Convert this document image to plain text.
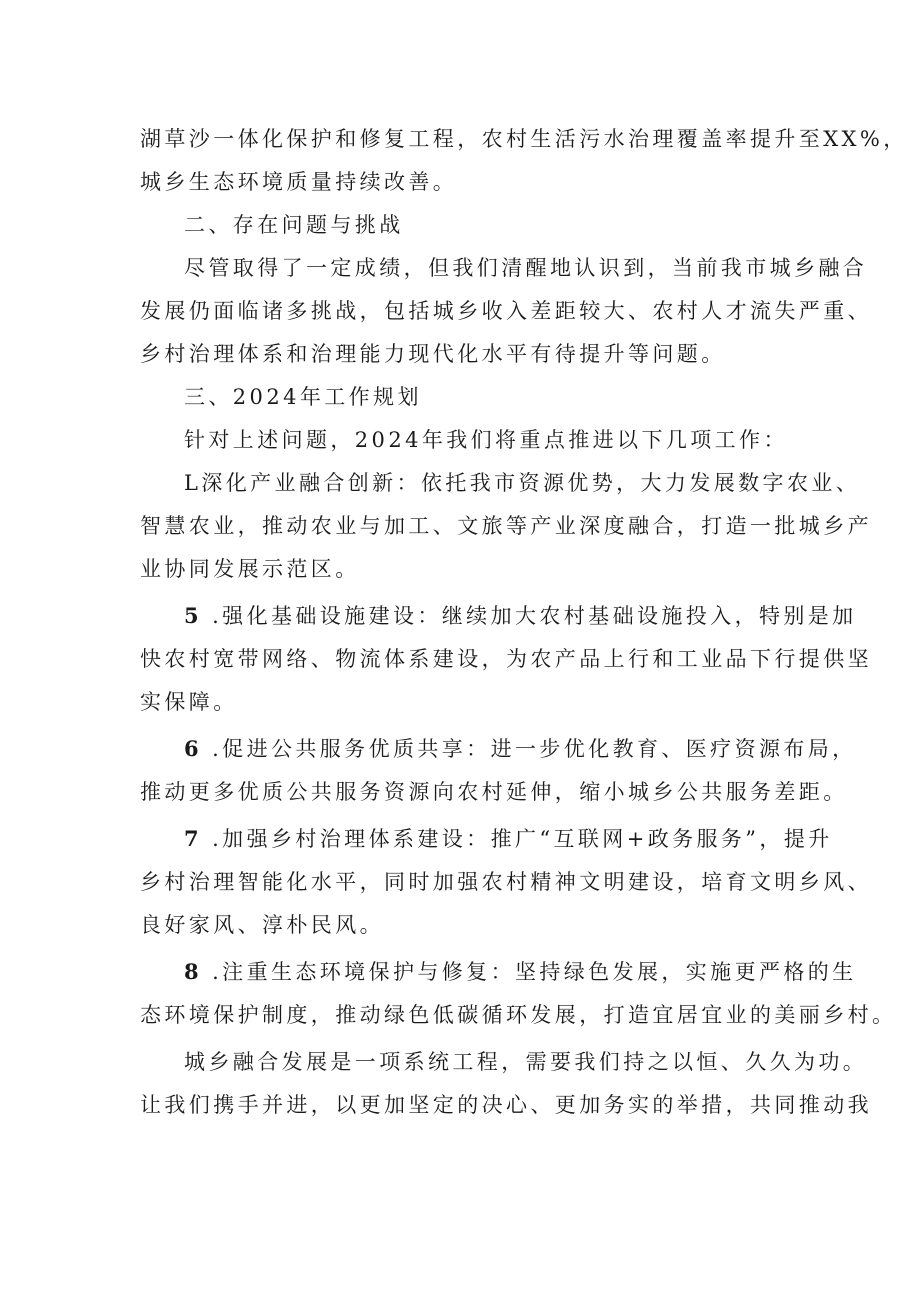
湖草沙一体化保护和修复工程，农村生活污水治理覆盖率提升至XX%，
城乡生态环境质量持续改善。
二、存在问题与挑战
尽管取得了一定成绩，但我们清醒地认识到，当前我市城乡融合
发展仍面临诸多挑战，包括城乡收入差距较大、农村人才流失严重、
乡村治理体系和治理能力现代化水平有待提升等问题。
三、2024年工作规划
针对上述问题，2024年我们将重点推进以下几项工作：
L深化产业融合创新：依托我市资源优势，大力发展数字农业、
智慧农业，推动农业与加工、文旅等产业深度融合，打造一批城乡产
业协同发展示范区。
5 .强化基础设施建设：继续加大农村基础设施投入，特别是加
快农村宽带网络、物流体系建设，为农产品上行和工业品下行提供坚
实保障。
6 .促进公共服务优质共享：进一步优化教育、医疗资源布局，
推动更多优质公共服务资源向农村延伸，缩小城乡公共服务差距。
7 .加强乡村治理体系建设：推广“互联网+政务服务”，提升
乡村治理智能化水平，同时加强农村精神文明建设，培育文明乡风、
良好家风、淳朴民风。
8 .注重生态环境保护与修复：坚持绿色发展，实施更严格的生
态环境保护制度，推动绿色低碳循环发展，打造宜居宜业的美丽乡村。
城乡融合发展是一项系统工程，需要我们持之以恒、久久为功。
让我们携手并进，以更加坚定的决心、更加务实的举措，共同推动我
